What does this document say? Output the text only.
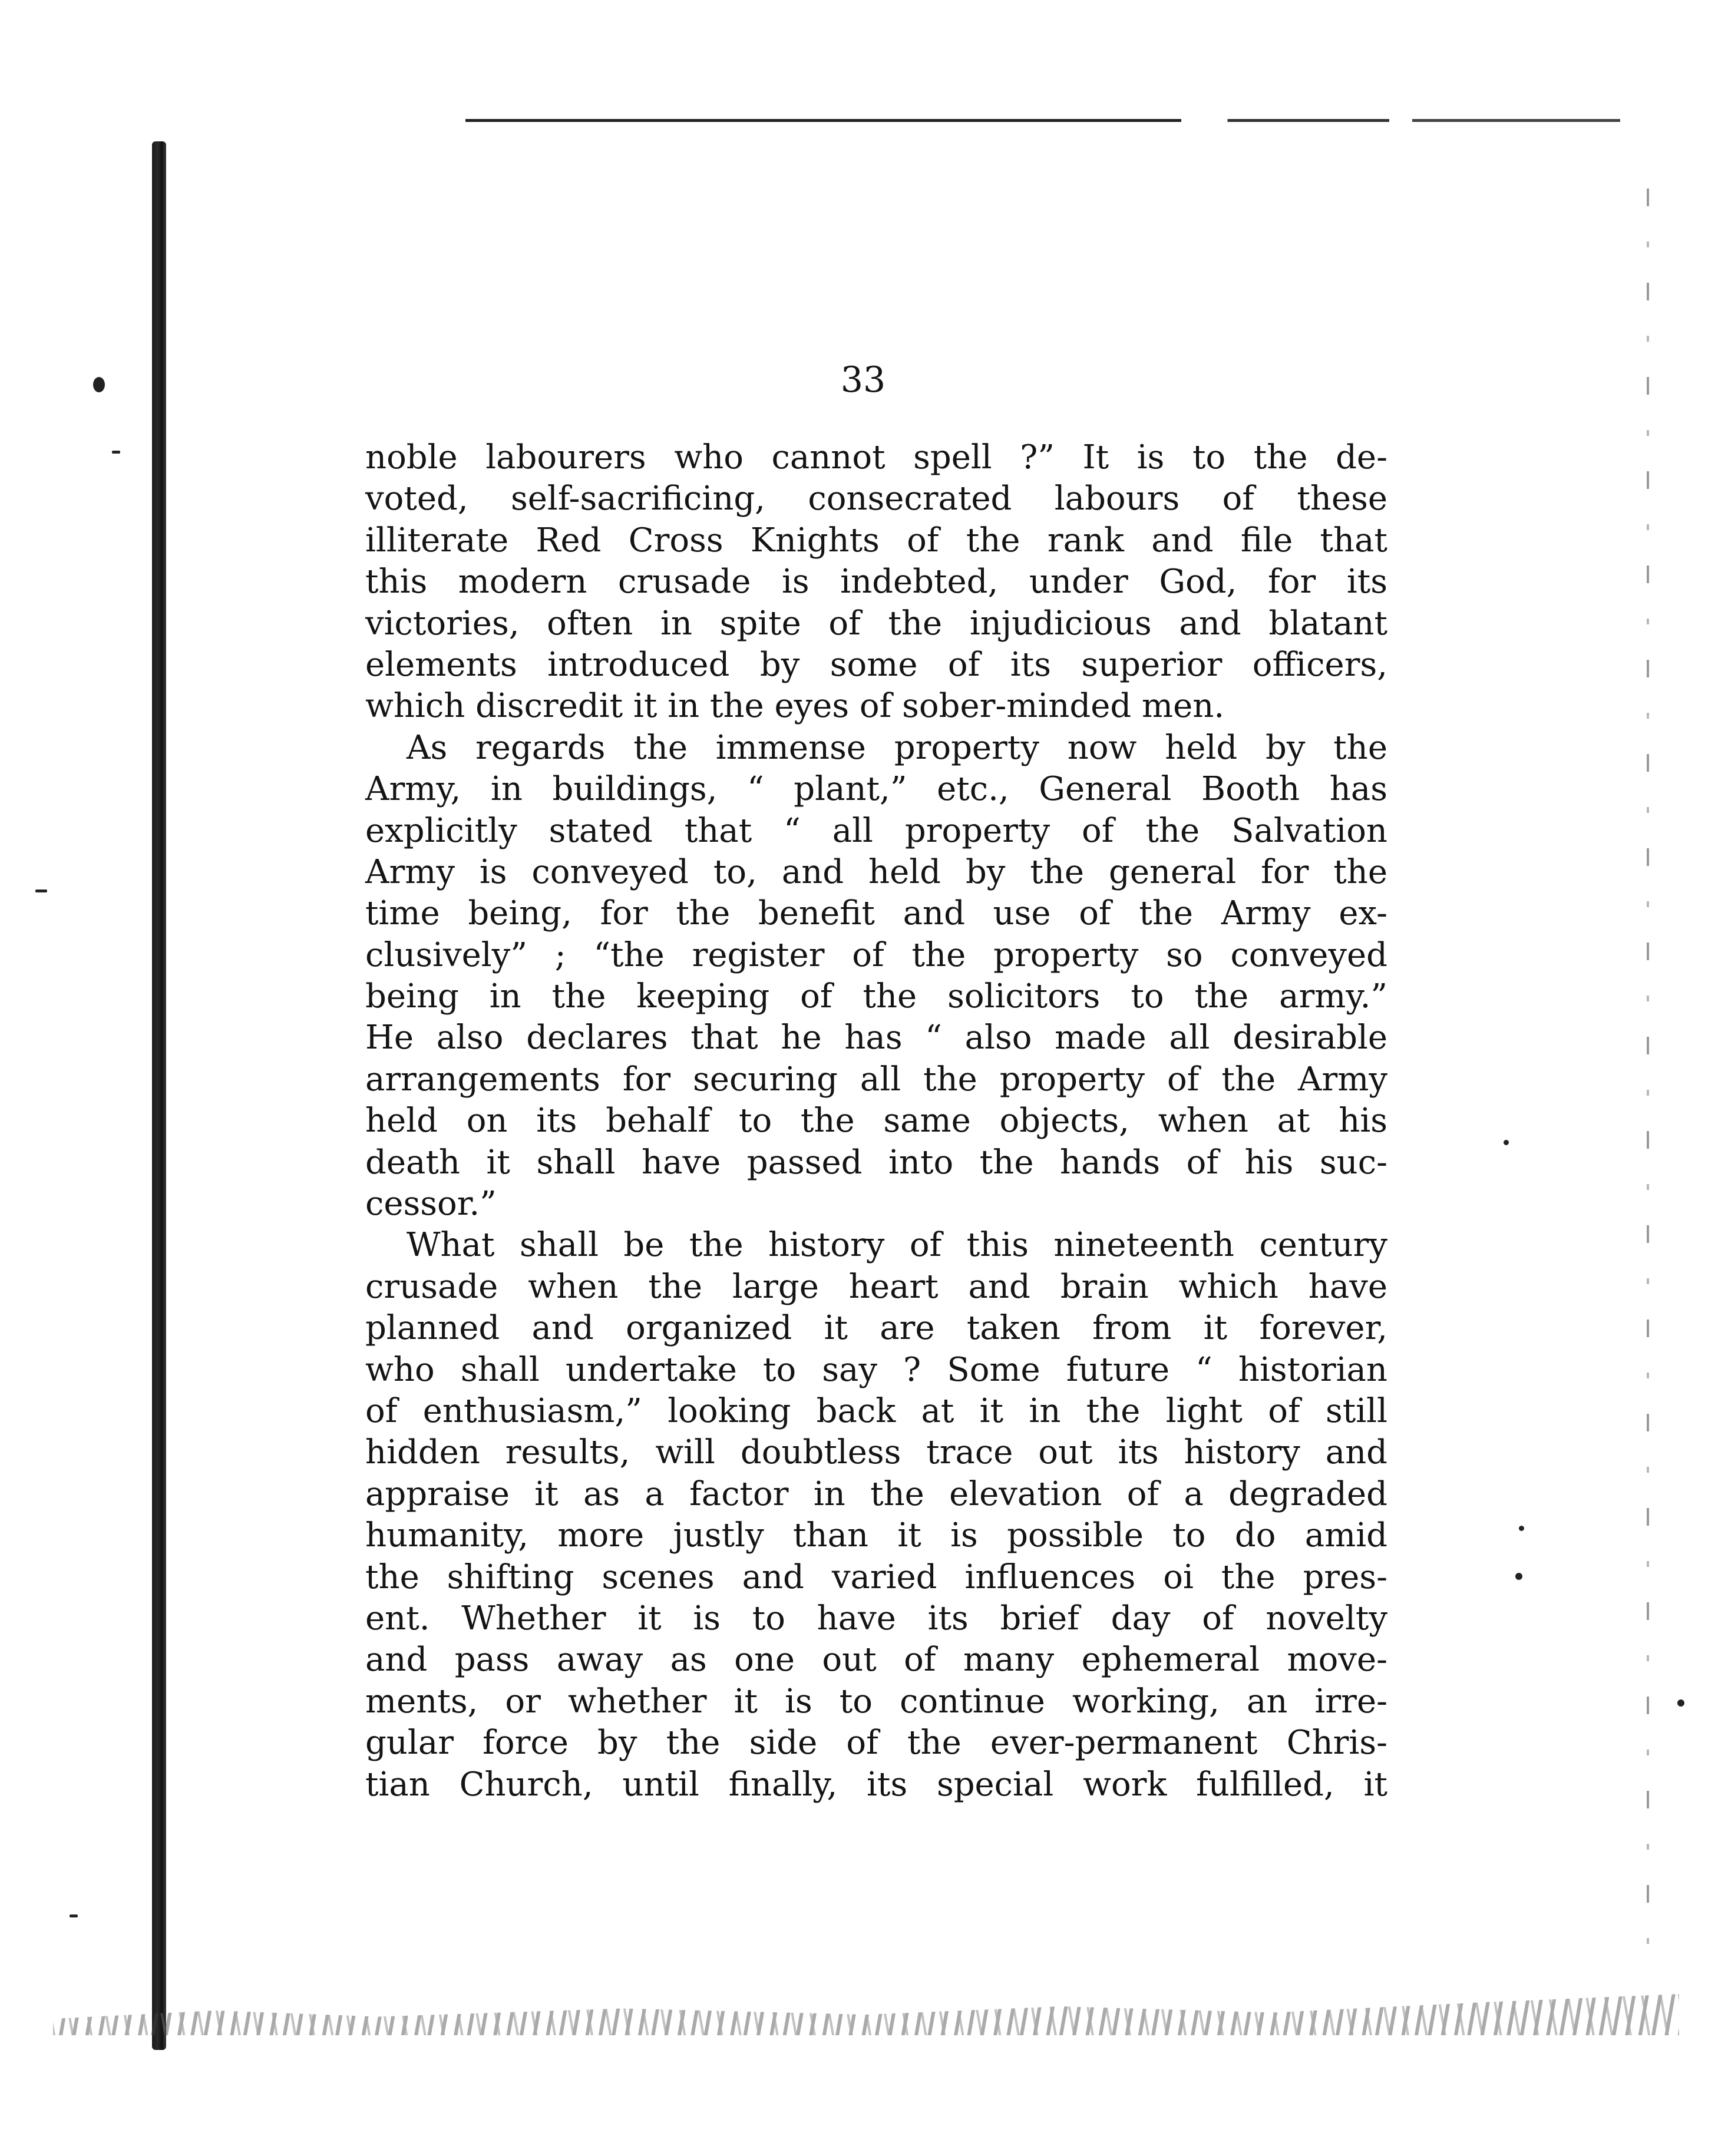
33
noble labourers who cannot spell ?” It is to the de-
voted, self-sacrificing, consecrated labours of these
illiterate Red Cross Knights of the rank and file that
this modern crusade is indebted, under God, for its
victories, often in spite of the injudicious and blatant
elements introduced by some of its superior officers,
which discredit it in the eyes of sober-minded men.
As regards the immense property now held by the
Army, in buildings, “ plant,” etc., General Booth has
explicitly stated that “ all property of the Salvation
Army is conveyed to, and held by the general for the
time being, for the benefit and use of the Army ex-
clusively” ; “the register of the property so conveyed
being in the keeping of the solicitors to the army.”
He also declares that he has “ also made all desirable
arrangements for securing all the property of the Army
held on its behalf to the same objects, when at his
death it shall have passed into the hands of his suc-
cessor.”
What shall be the history of this nineteenth century
crusade when the large heart and brain which have
planned and organized it are taken from it forever,
who shall undertake to say ? Some future “ historian
of enthusiasm,” looking back at it in the light of still
hidden results, will doubtless trace out its history and
appraise it as a factor in the elevation of a degraded
humanity, more justly than it is possible to do amid
the shifting scenes and varied influences oi the pres-
ent. Whether it is to have its brief day of novelty
and pass away as one out of many ephemeral move-
ments, or whether it is to continue working, an irre-
gular force by the side of the ever-permanent Chris-
tian Church, until finally, its special work fulfilled, it
